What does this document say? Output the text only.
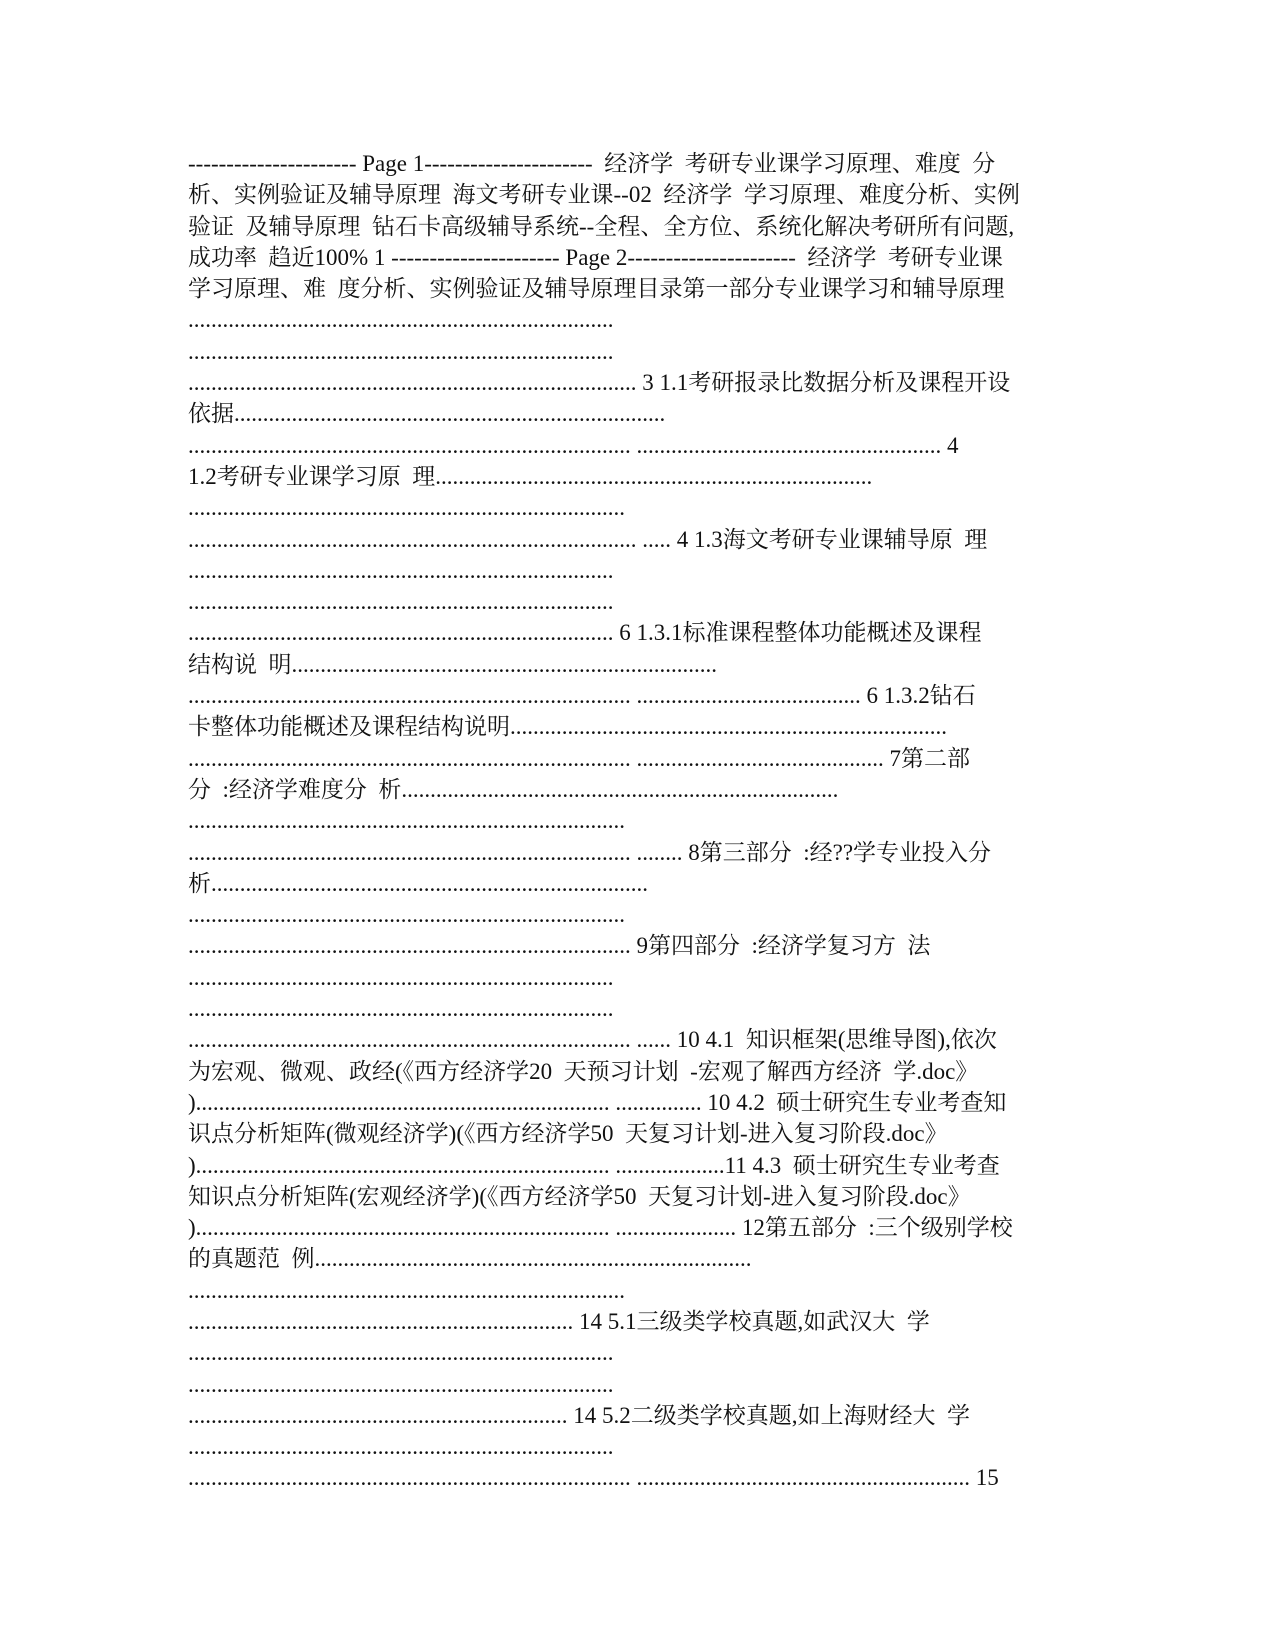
---------------------- Page 1----------------------  经济学  考研专业课学习原理、难度  分
析、实例验证及辅导原理  海文考研专业课--02  经济学  学习原理、难度分析、实例
验证  及辅导原理  钻石卡高级辅导系统--全程、全方位、系统化解决考研所有问题,
成功率  趋近100% 1 ---------------------- Page 2----------------------  经济学  考研专业课
学习原理、难  度分析、实例验证及辅导原理目录第一部分专业课学习和辅导原理
..........................................................................
..........................................................................
.............................................................................. 3 1.1考研报录比数据分析及课程开设
依据...........................................................................
............................................................................. ..................................................... 4
1.2考研专业课学习原  理............................................................................
............................................................................
.............................................................................. ..... 4 1.3海文考研专业课辅导原  理
..........................................................................
..........................................................................
.......................................................................... 6 1.3.1标准课程整体功能概述及课程
结构说  明..........................................................................
............................................................................. ....................................... 6 1.3.2钻石
卡整体功能概述及课程结构说明............................................................................
............................................................................. ........................................... 7第二部
分  :经济学难度分  析............................................................................
............................................................................
............................................................................. ........ 8第三部分  :经??学专业投入分
析............................................................................
............................................................................
............................................................................. 9第四部分  :经济学复习方  法
..........................................................................
..........................................................................
............................................................................. ...... 10 4.1  知识框架(思维导图),依次
为宏观、微观、政经(《西方经济学20  天预习计划  -宏观了解西方经济  学.doc》
)........................................................................ ............... 10 4.2  硕士研究生专业考查知
识点分析矩阵(微观经济学)(《西方经济学50  天复习计划-进入复习阶段.doc》
)........................................................................ ...................11 4.3  硕士研究生专业考查
知识点分析矩阵(宏观经济学)(《西方经济学50  天复习计划-进入复习阶段.doc》
)........................................................................ ..................... 12第五部分  :三个级别学校
的真题范  例............................................................................
............................................................................
................................................................... 14 5.1三级类学校真题,如武汉大  学
..........................................................................
..........................................................................
.................................................................. 14 5.2二级类学校真题,如上海财经大  学
..........................................................................
............................................................................. .......................................................... 15
